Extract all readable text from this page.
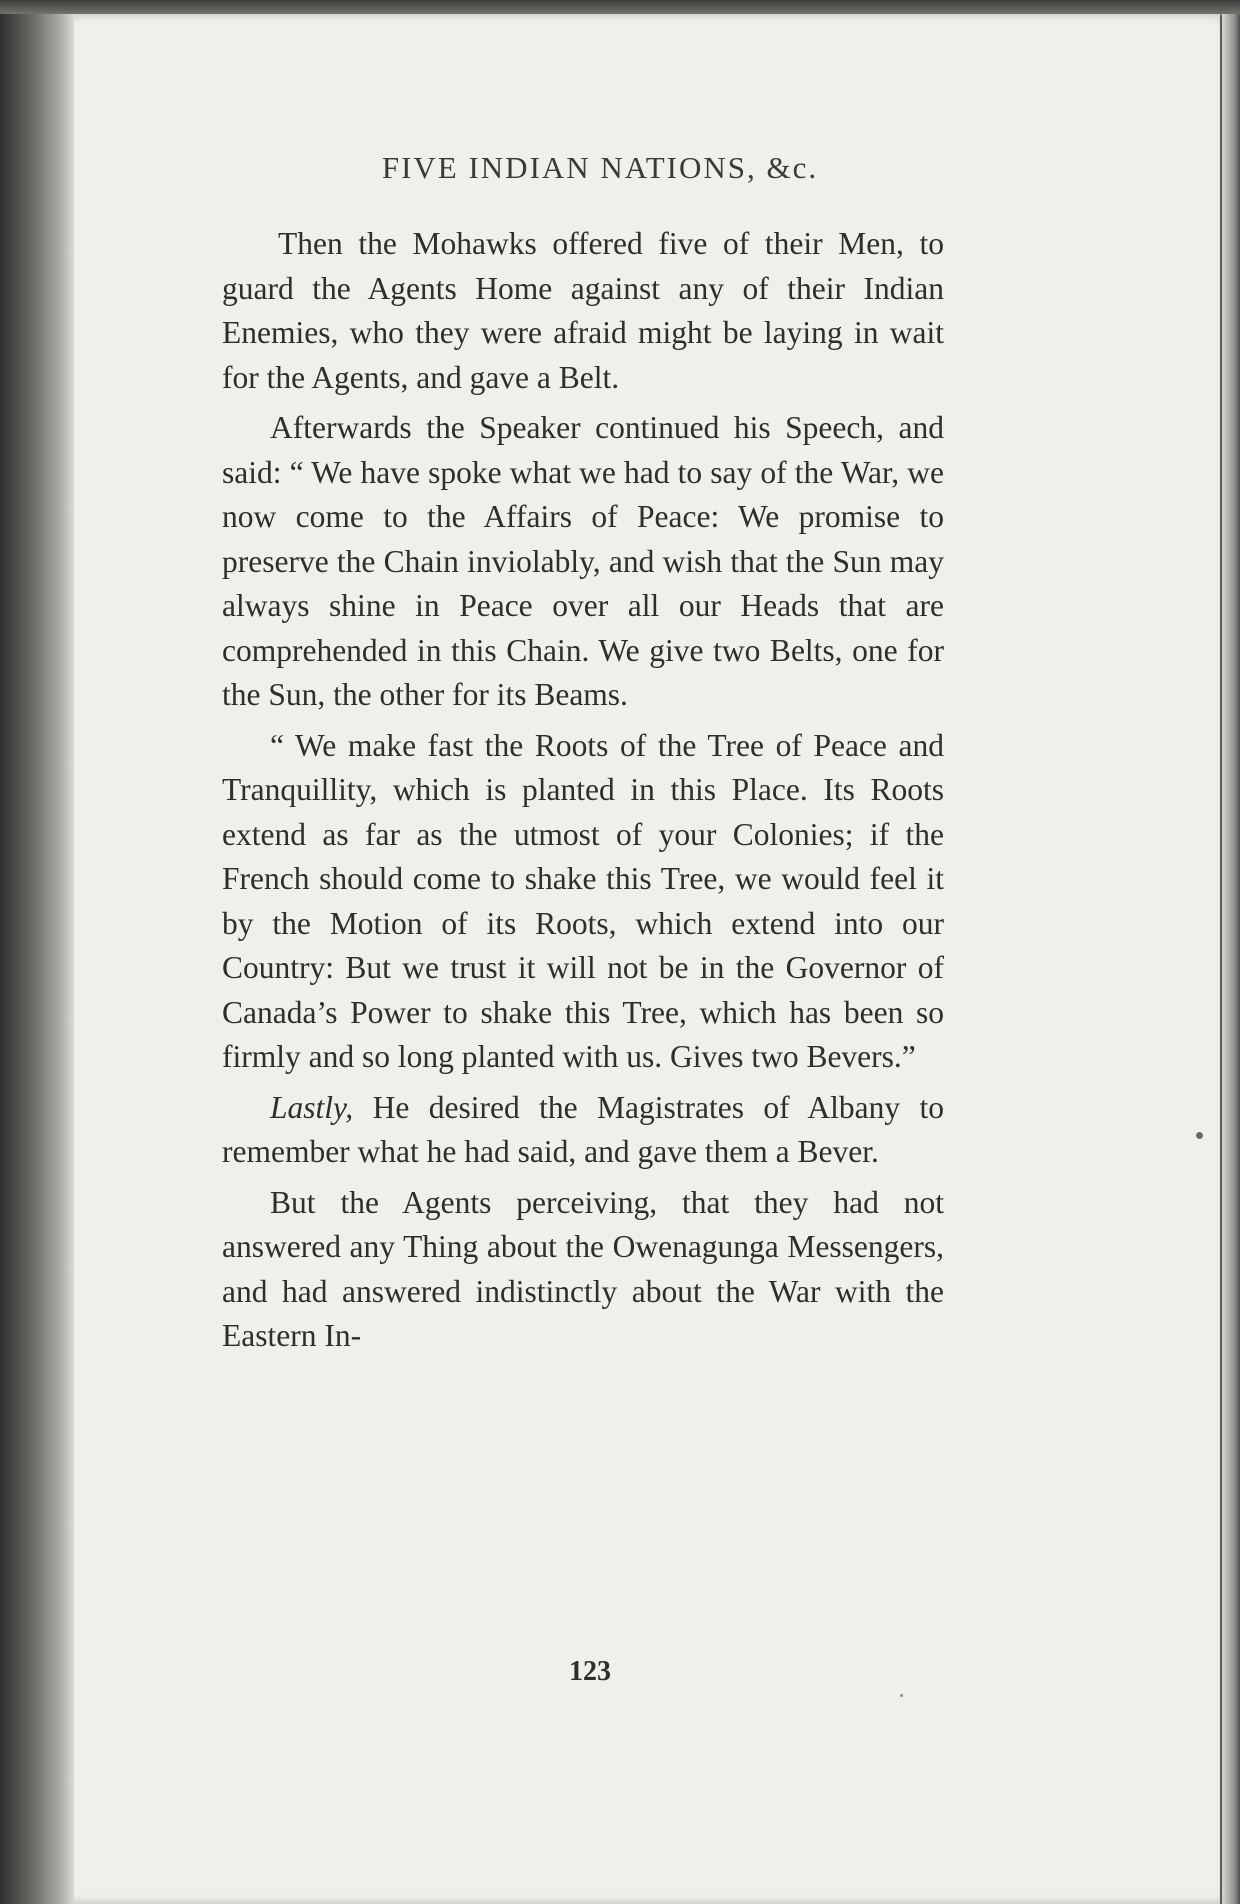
FIVE INDIAN NATIONS, &c.

Then the Mohawks offered five of their Men, to guard the Agents Home against any of their Indian Enemies, who they were afraid might be laying in wait for the Agents, and gave a Belt.

Afterwards the Speaker continued his Speech, and said: “ We have spoke what we had to say of the War, we now come to the Affairs of Peace: We promise to preserve the Chain inviolably, and wish that the Sun may always shine in Peace over all our Heads that are comprehended in this Chain. We give two Belts, one for the Sun, the other for its Beams.

“ We make fast the Roots of the Tree of Peace and Tranquillity, which is planted in this Place. Its Roots extend as far as the utmost of your Colonies; if the French should come to shake this Tree, we would feel it by the Motion of its Roots, which extend into our Country: But we trust it will not be in the Governor of Canada’s Power to shake this Tree, which has been so firmly and so long planted with us. Gives two Bevers.”

Lastly, He desired the Magistrates of Albany to remember what he had said, and gave them a Bever.

But the Agents perceiving, that they had not answered any Thing about the Owenagunga Messengers, and had answered indistinctly about the War with the Eastern In-

123
